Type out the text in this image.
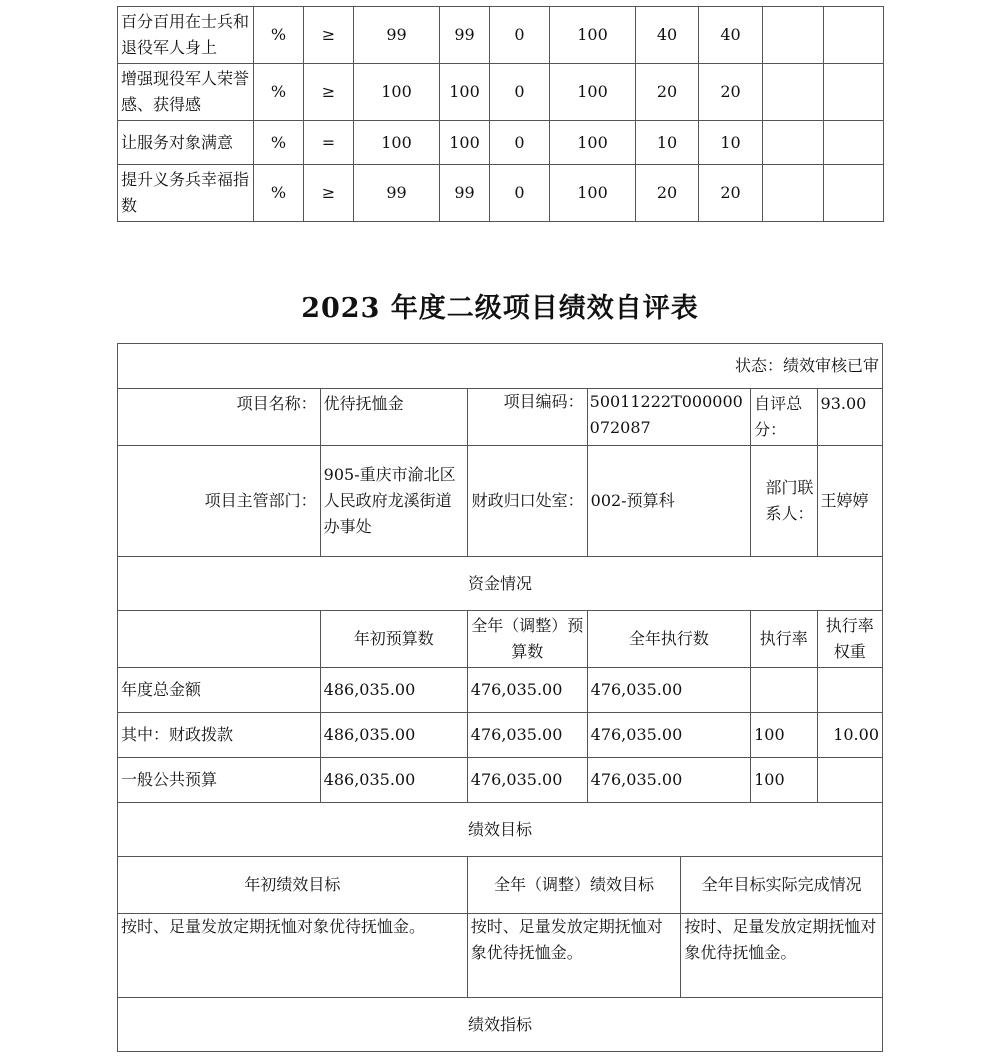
百分百用在士兵和退役军人身上	%	≥	99	99	0	100	40	40		
增强现役军人荣誉感、获得感	%	≥	100	100	0	100	20	20		
让服务对象满意	%	=	100	100	0	100	10	10		
提升义务兵幸福指数	%	≥	99	99	0	100	20	20		
2023 年度二级项目绩效自评表
状态：绩效审核已审						
项目名称：	优待抚恤金	项目编码：	50011222T000000072087		自评总分：	93.00
项目主管部门：	905-重庆市渝北区人民政府龙溪街道办事处	财政归口处室：	002-预算科		部门联系人：	王婷婷
资金情况						
	年初预算数	全年（调整）预算数	全年执行数		执行率	执行率权重
年度总金额	486,035.00	476,035.00	476,035.00			
其中：财政拨款	486,035.00	476,035.00	476,035.00		100	10.00
一般公共预算	486,035.00	476,035.00	476,035.00		100	
绩效目标						
年初绩效目标		全年（调整）绩效目标		全年目标实际完成情况		
按时、足量发放定期抚恤对象优待抚恤金。		按时、足量发放定期抚恤对象优待抚恤金。		按时、足量发放定期抚恤对象优待抚恤金。		
绩效指标						
